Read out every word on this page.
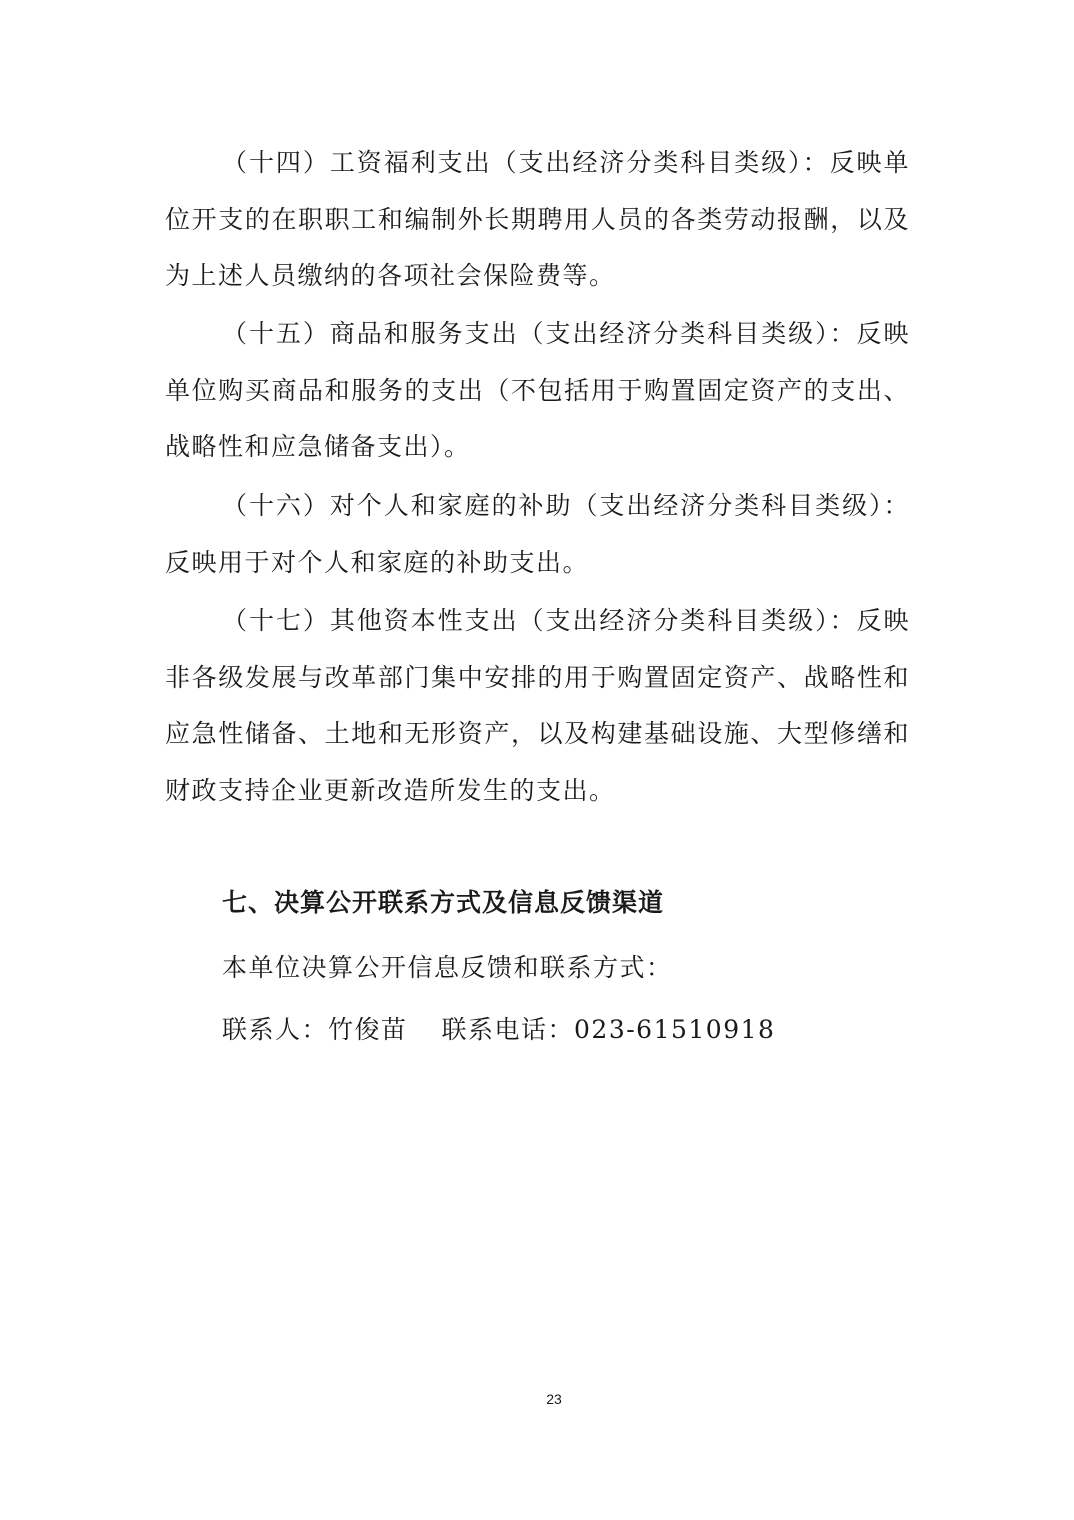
（十四）工资福利支出（支出经济分类科目类级）：反映单位开支的在职职工和编制外长期聘用人员的各类劳动报酬，以及为上述人员缴纳的各项社会保险费等。

（十五）商品和服务支出（支出经济分类科目类级）：反映单位购买商品和服务的支出（不包括用于购置固定资产的支出、战略性和应急储备支出）。

（十六）对个人和家庭的补助（支出经济分类科目类级）：反映用于对个人和家庭的补助支出。

（十七）其他资本性支出（支出经济分类科目类级）：反映非各级发展与改革部门集中安排的用于购置固定资产、战略性和应急性储备、土地和无形资产，以及构建基础设施、大型修缮和财政支持企业更新改造所发生的支出。

七、决算公开联系方式及信息反馈渠道
本单位决算公开信息反馈和联系方式：
联系人：竹俊苗 联系电话：023-61510918
23
